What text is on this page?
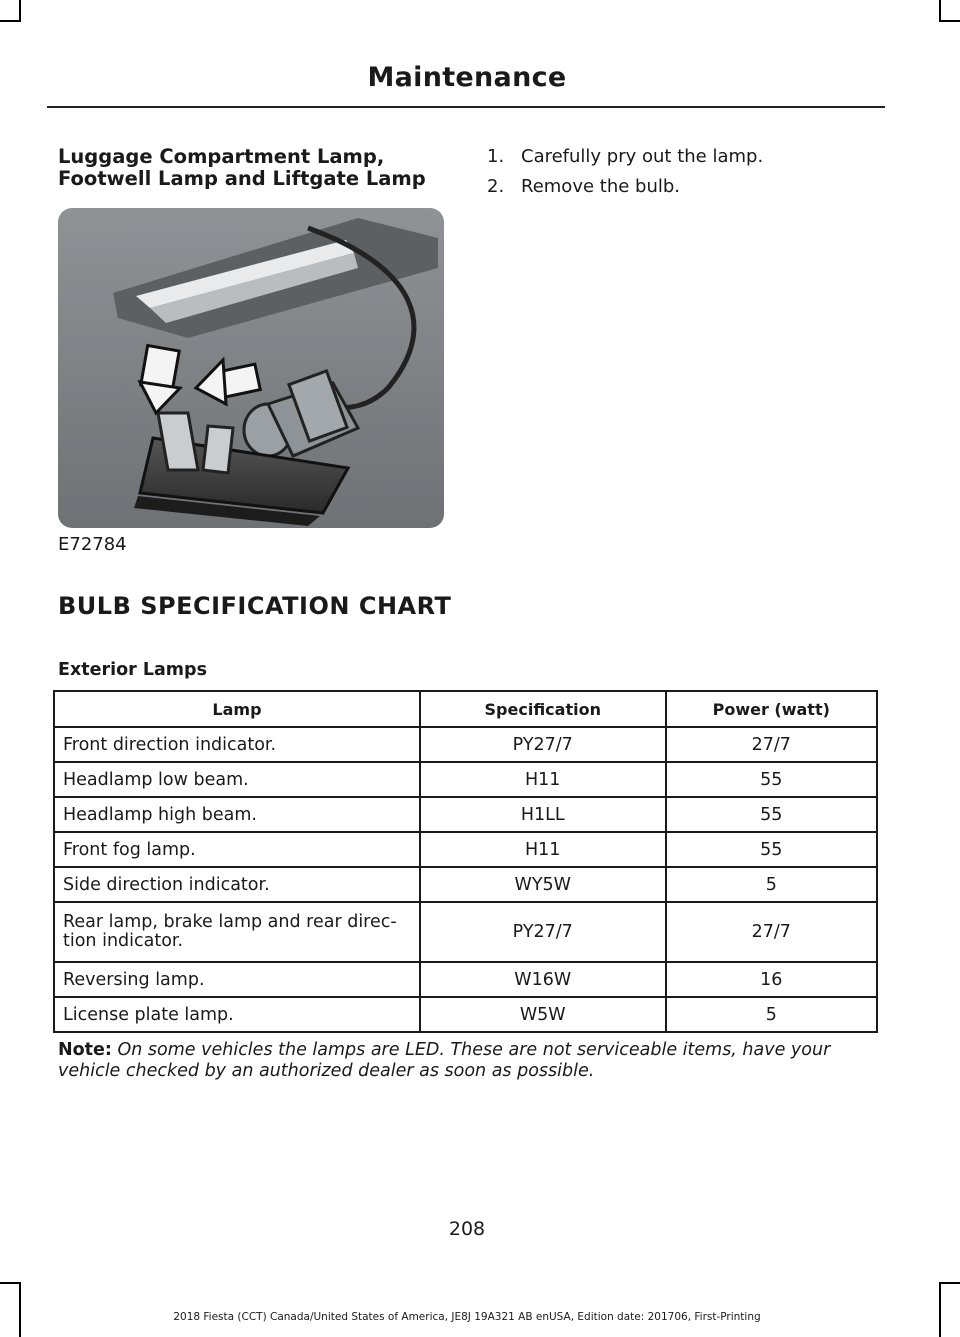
Maintenance
Luggage Compartment Lamp,
Footwell Lamp and Liftgate Lamp
E72784
1. Carefully pry out the lamp.
2. Remove the bulb.
BULB SPECIFICATION CHART
Exterior Lamps
Lamp	Specification	Power (watt)
Front direction indicator.	PY27/7	27/7
Headlamp low beam.	H11	55
Headlamp high beam.	H1LL	55
Front fog lamp.	H11	55
Side direction indicator.	WY5W	5

Rear lamp, brake lamp and rear direc-
tion indicator.	PY27/7	27/7
Reversing lamp.	W16W	16
License plate lamp.	W5W	5
Note: On some vehicles the lamps are LED. These are not serviceable items, have your vehicle checked by an authorized dealer as soon as possible.
208
2018 Fiesta (CCT) Canada/United States of America, JE8J 19A321 AB enUSA, Edition date: 201706, First-Printing
